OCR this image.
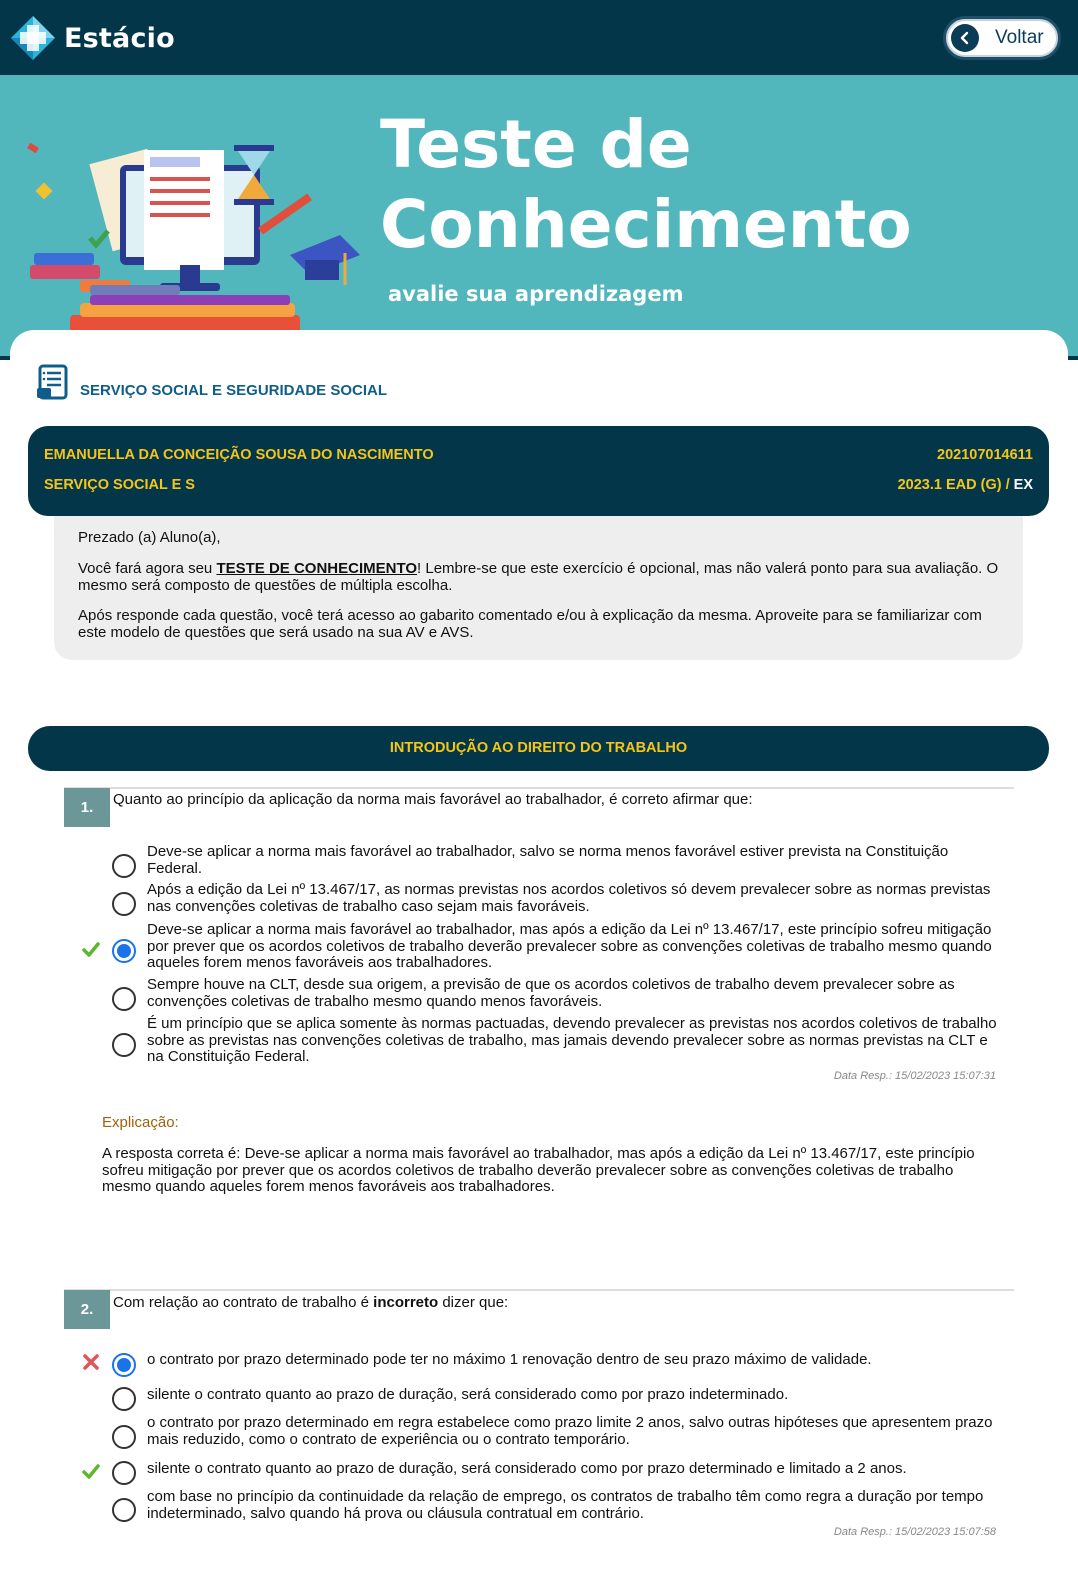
Estácio	Voltar
Teste de
Conhecimento
avalie sua aprendizagem
SERVIÇO SOCIAL E SEGURIDADE SOCIAL
EMANUELLA DA CONCEIÇÃO SOUSA DO NASCIMENTO
SERVIÇO SOCIAL E S
202107014611
2023.1 EAD (G) / EX

Prezado (a) Aluno(a),

Você fará agora seu TESTE DE CONHECIMENTO! Lembre-se que este exercício é opcional, mas não valerá ponto para sua avaliação. O mesmo será composto de questões de múltipla escolha.

Após responde cada questão, você terá acesso ao gabarito comentado e/ou à explicação da mesma. Aproveite para se familiarizar com este modelo de questões que será usado na sua AV e AVS.

INTRODUÇÃO AO DIREITO DO TRABALHO
1.	Quanto ao princípio da aplicação da norma mais favorável ao trabalhador, é correto afirmar que:
Deve-se aplicar a norma mais favorável ao trabalhador, salvo se norma menos favorável estiver prevista na Constituição Federal.
Após a edição da Lei nº 13.467/17, as normas previstas nos acordos coletivos só devem prevalecer sobre as normas previstas nas convenções coletivas de trabalho caso sejam mais favoráveis.
Deve-se aplicar a norma mais favorável ao trabalhador, mas após a edição da Lei nº 13.467/17, este princípio sofreu mitigação por prever que os acordos coletivos de trabalho deverão prevalecer sobre as convenções coletivas de trabalho mesmo quando aqueles forem menos favoráveis aos trabalhadores.
Sempre houve na CLT, desde sua origem, a previsão de que os acordos coletivos de trabalho devem prevalecer sobre as convenções coletivas de trabalho mesmo quando menos favoráveis.
É um princípio que se aplica somente às normas pactuadas, devendo prevalecer as previstas nos acordos coletivos de trabalho sobre as previstas nas convenções coletivas de trabalho, mas jamais devendo prevalecer sobre as normas previstas na CLT e na Constituição Federal.
Data Resp.: 15/02/2023 15:07:31
Explicação:
A resposta correta é: Deve-se aplicar a norma mais favorável ao trabalhador, mas após a edição da Lei nº 13.467/17, este princípio sofreu mitigação por prever que os acordos coletivos de trabalho deverão prevalecer sobre as convenções coletivas de trabalho mesmo quando aqueles forem menos favoráveis aos trabalhadores.
2.	Com relação ao contrato de trabalho é incorreto dizer que:
o contrato por prazo determinado pode ter no máximo 1 renovação dentro de seu prazo máximo de validade.
silente o contrato quanto ao prazo de duração, será considerado como por prazo indeterminado.
o contrato por prazo determinado em regra estabelece como prazo limite 2 anos, salvo outras hipóteses que apresentem prazo mais reduzido, como o contrato de experiência ou o contrato temporário.
silente o contrato quanto ao prazo de duração, será considerado como por prazo determinado e limitado a 2 anos.
com base no princípio da continuidade da relação de emprego, os contratos de trabalho têm como regra a duração por tempo indeterminado, salvo quando há prova ou cláusula contratual em contrário.
Data Resp.: 15/02/2023 15:07:58
